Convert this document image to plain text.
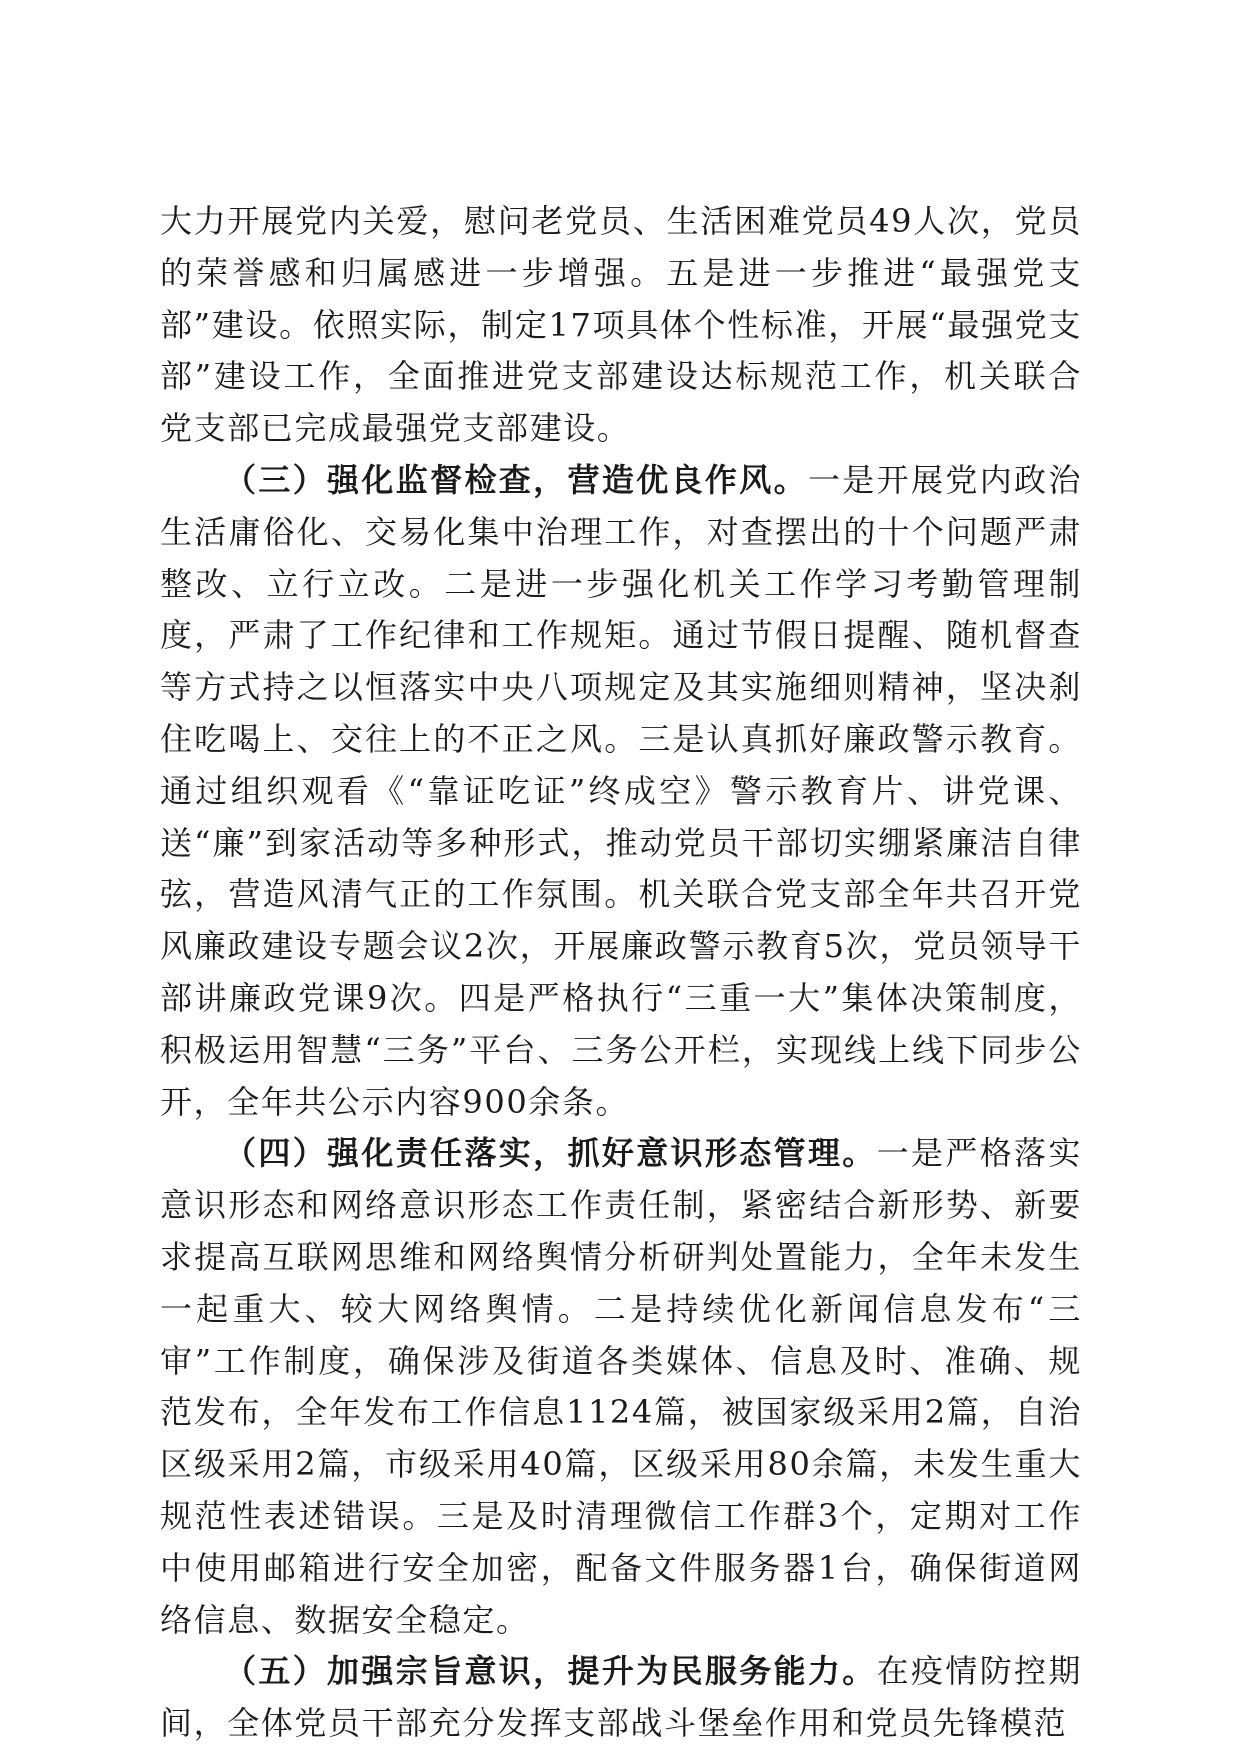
大力开展党内关爱，慰问老党员、生活困难党员49人次，党员的荣誉感和归属感进一步增强。五是进一步推进“最强党支部”建设。依照实际，制定17项具体个性标准，开展“最强党支部”建设工作，全面推进党支部建设达标规范工作，机关联合党支部已完成最强党支部建设。

（三）强化监督检查，营造优良作风。一是开展党内政治生活庸俗化、交易化集中治理工作，对查摆出的十个问题严肃整改、立行立改。二是进一步强化机关工作学习考勤管理制度，严肃了工作纪律和工作规矩。通过节假日提醒、随机督查等方式持之以恒落实中央八项规定及其实施细则精神，坚决刹住吃喝上、交往上的不正之风。三是认真抓好廉政警示教育。通过组织观看《“靠证吃证”终成空》警示教育片、讲党课、送“廉”到家活动等多种形式，推动党员干部切实绷紧廉洁自律弦，营造风清气正的工作氛围。机关联合党支部全年共召开党风廉政建设专题会议2次，开展廉政警示教育5次，党员领导干部讲廉政党课9次。四是严格执行“三重一大”集体决策制度，积极运用智慧“三务”平台、三务公开栏，实现线上线下同步公开，全年共公示内容900余条。

（四）强化责任落实，抓好意识形态管理。一是严格落实意识形态和网络意识形态工作责任制，紧密结合新形势、新要求提高互联网思维和网络舆情分析研判处置能力，全年未发生一起重大、较大网络舆情。二是持续优化新闻信息发布“三审”工作制度，确保涉及街道各类媒体、信息及时、准确、规范发布，全年发布工作信息1124篇，被国家级采用2篇，自治区级采用2篇，市级采用40篇，区级采用80余篇，未发生重大规范性表述错误。三是及时清理微信工作群3个，定期对工作中使用邮箱进行安全加密，配备文件服务器1台，确保街道网络信息、数据安全稳定。

（五）加强宗旨意识，提升为民服务能力。在疫情防控期间，全体党员干部充分发挥支部战斗堡垒作用和党员先锋模范
